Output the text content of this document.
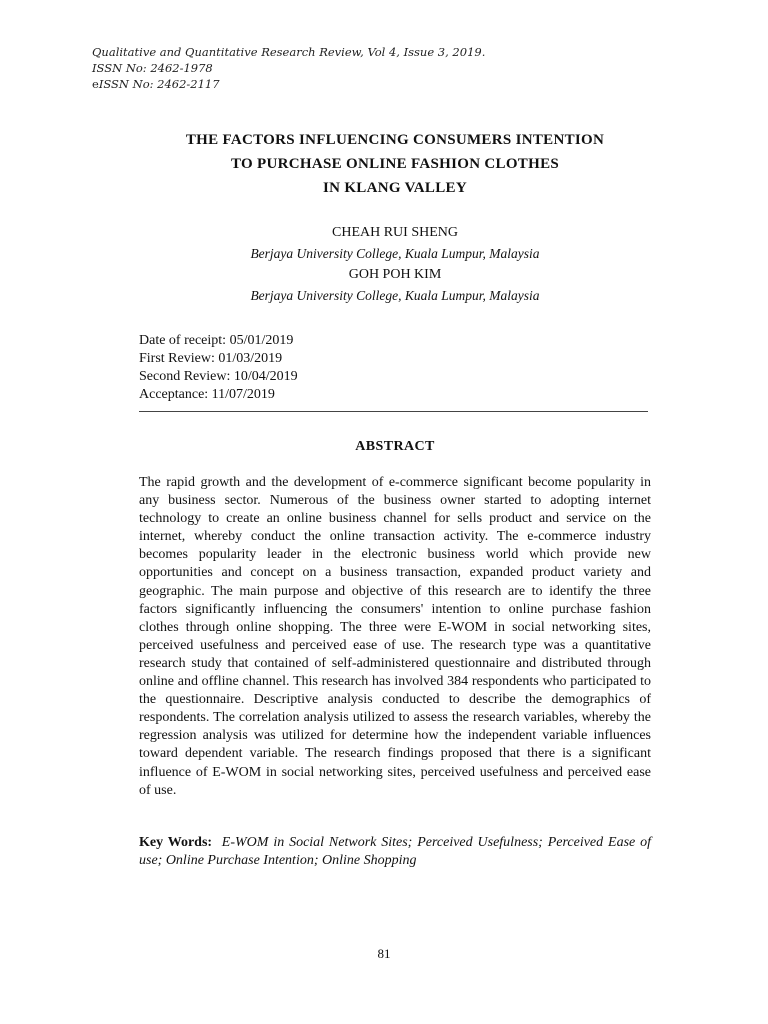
Qualitative and Quantitative Research Review, Vol 4, Issue 3, 2019.
ISSN No: 2462-1978
eISSN No: 2462-2117
THE FACTORS INFLUENCING CONSUMERS INTENTION
TO PURCHASE ONLINE FASHION CLOTHES
IN KLANG VALLEY
CHEAH RUI SHENG
Berjaya University College, Kuala Lumpur, Malaysia
GOH POH KIM
Berjaya University College, Kuala Lumpur, Malaysia
Date of receipt: 05/01/2019
First Review: 01/03/2019
Second Review: 10/04/2019
Acceptance: 11/07/2019
ABSTRACT
The rapid growth and the development of e-commerce significant become popularity in any business sector. Numerous of the business owner started to adopting internet technology to create an online business channel for sells product and service on the internet, whereby conduct the online transaction activity. The e-commerce industry becomes popularity leader in the electronic business world which provide new opportunities and concept on a business transaction, expanded product variety and geographic. The main purpose and objective of this research are to identify the three factors significantly influencing the consumers' intention to online purchase fashion clothes through online shopping. The three were E-WOM in social networking sites, perceived usefulness and perceived ease of use. The research type was a quantitative research study that contained of self-administered questionnaire and distributed through online and offline channel. This research has involved 384 respondents who participated to the questionnaire. Descriptive analysis conducted to describe the demographics of respondents. The correlation analysis utilized to assess the research variables, whereby the regression analysis was utilized for determine how the independent variable influences toward dependent variable. The research findings proposed that there is a significant influence of E-WOM in social networking sites, perceived usefulness and perceived ease of use.
Key Words: E-WOM in Social Network Sites; Perceived Usefulness; Perceived Ease of use; Online Purchase Intention; Online Shopping
81
